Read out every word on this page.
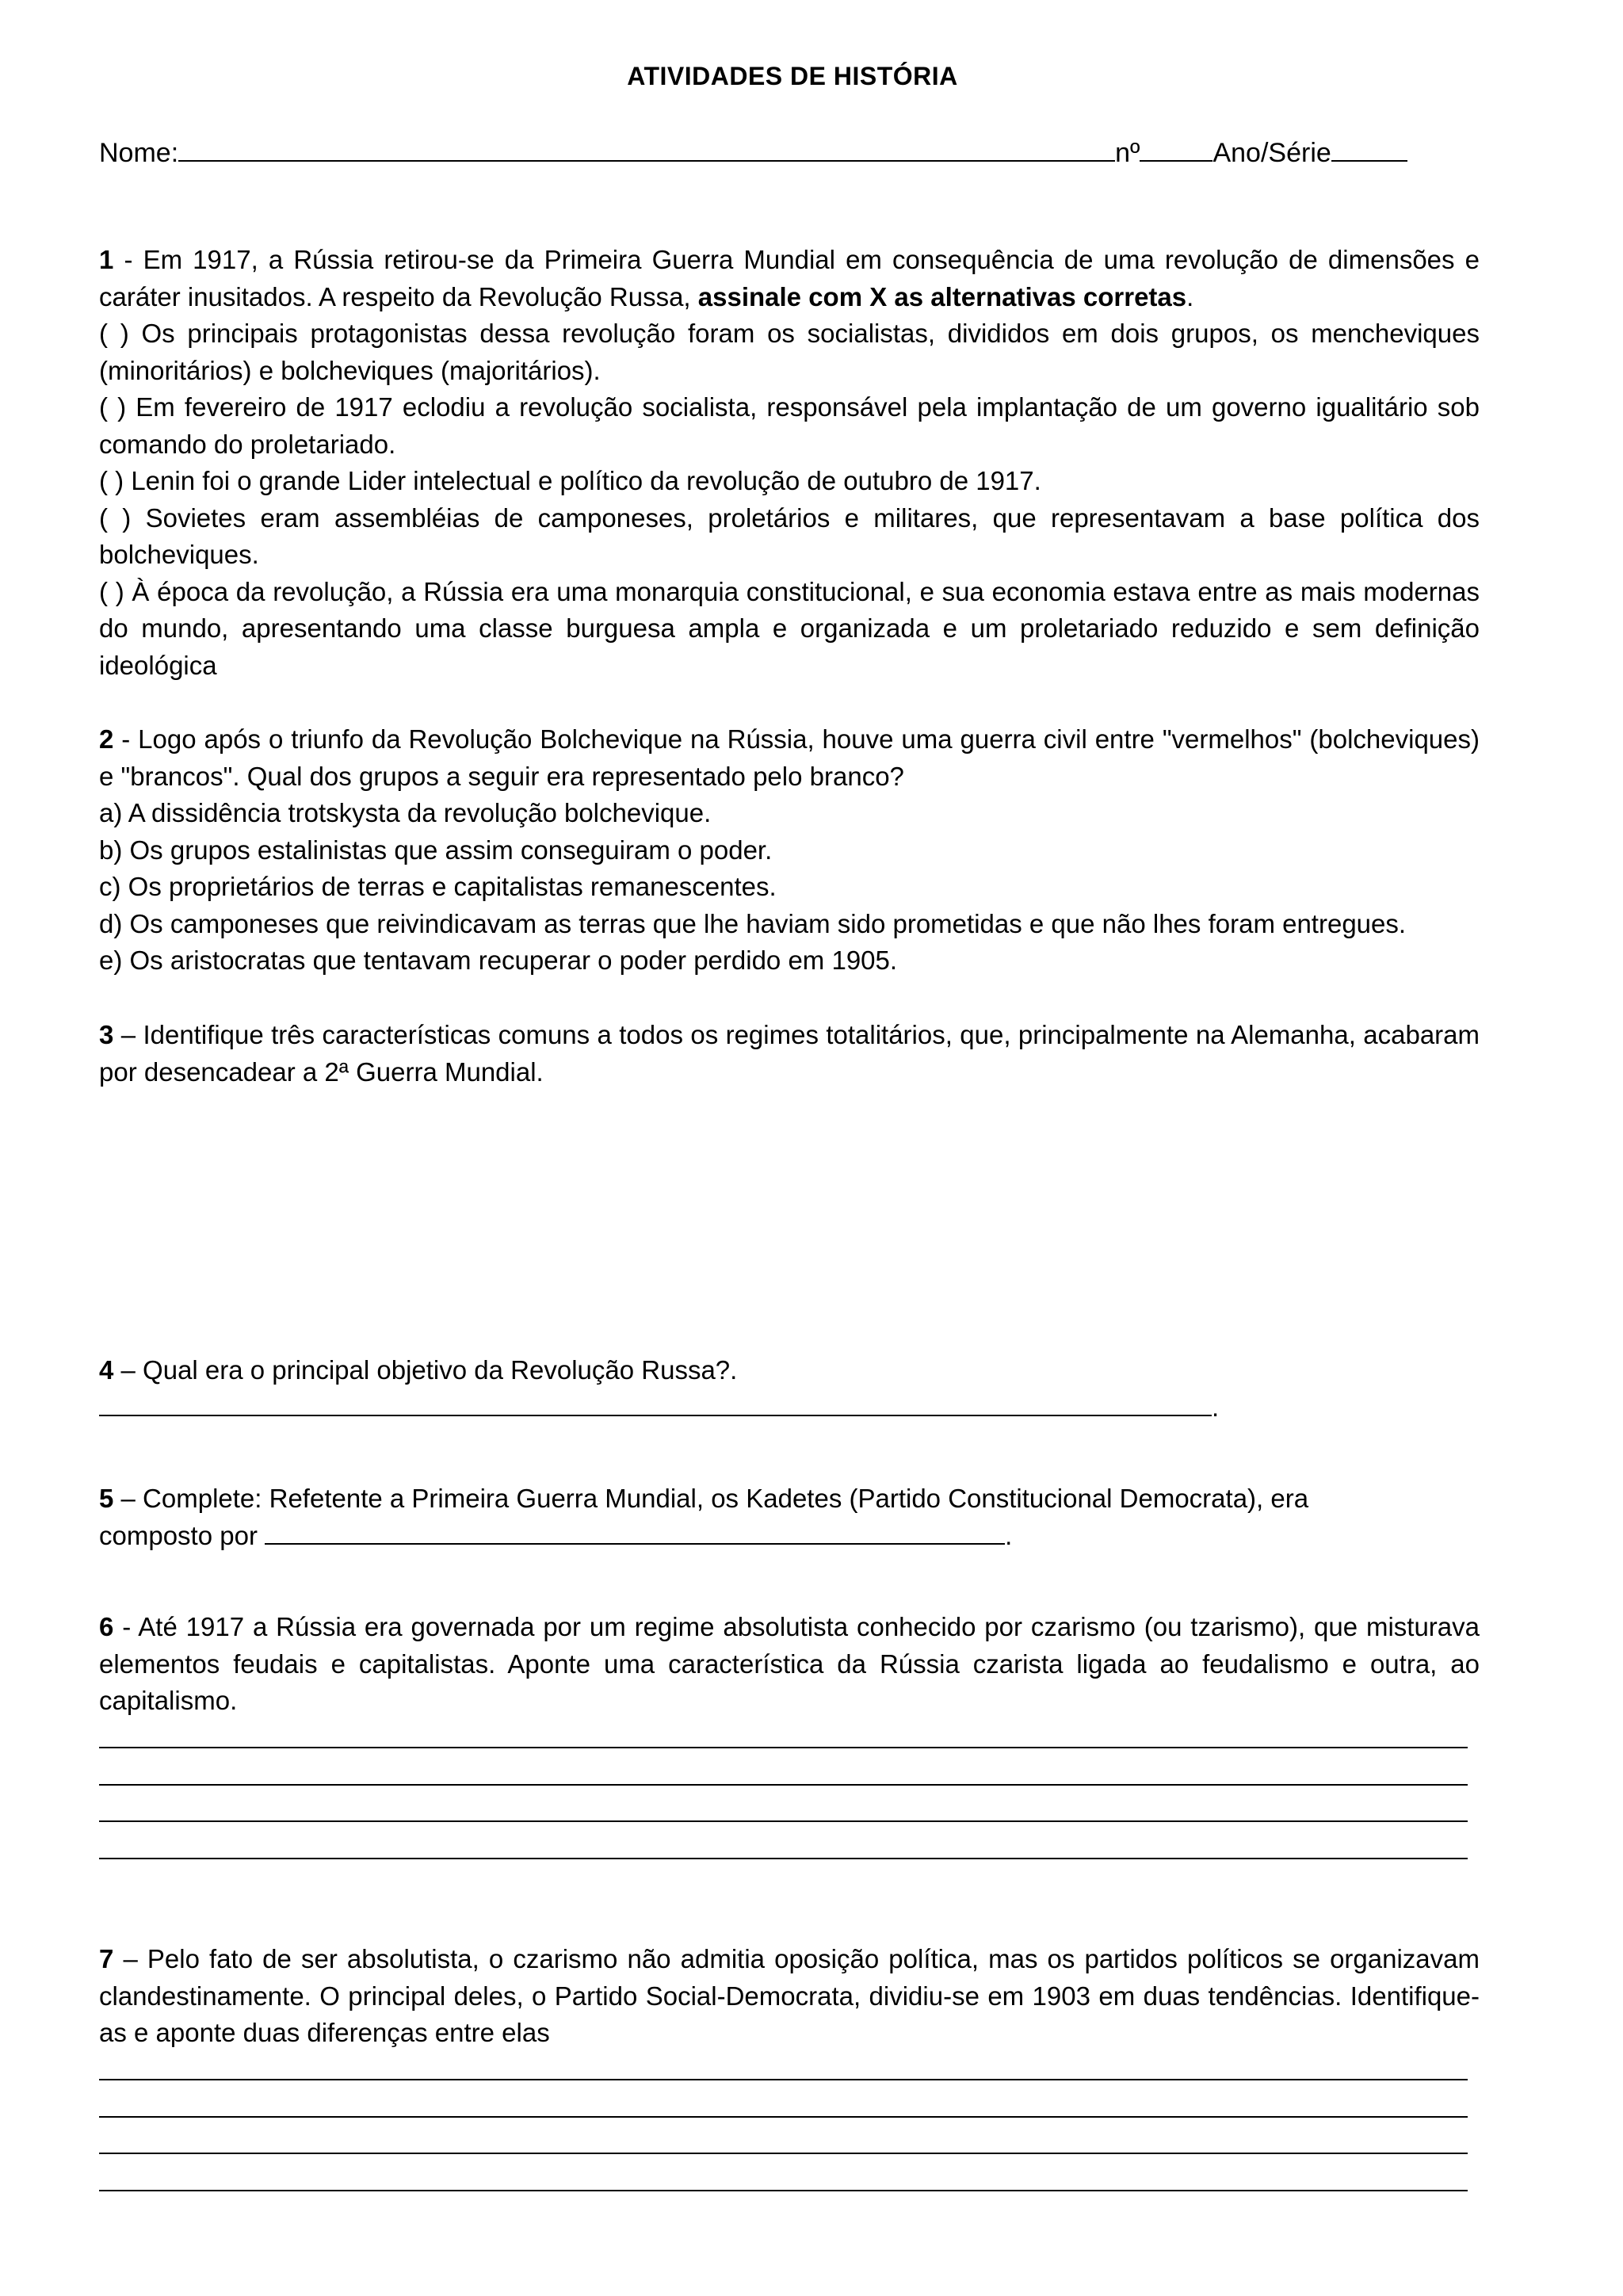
ATIVIDADES DE HISTÓRIA
Nome:	nº	Ano/Série

1 - Em 1917, a Rússia retirou-se da Primeira Guerra Mundial em consequência de uma revolução de dimensões e caráter inusitados. A respeito da Revolução Russa, assinale com X as alternativas corretas.

( ) Os principais protagonistas dessa revolução foram os socialistas, divididos em dois grupos, os mencheviques (minoritários) e bolcheviques (majoritários).

( ) Em fevereiro de 1917 eclodiu a revolução socialista, responsável pela implantação de um governo igualitário sob comando do proletariado.

( ) Lenin foi o grande Lider intelectual e político da revolução de outubro de 1917.

( ) Sovietes eram assembléias de camponeses, proletários e militares, que representavam a base política dos bolcheviques.

( ) À época da revolução, a Rússia era uma monarquia constitucional, e sua economia estava entre as mais modernas do mundo, apresentando uma classe burguesa ampla e organizada e um proletariado reduzido e sem definição ideológica

2 - Logo após o triunfo da Revolução Bolchevique na Rússia, houve uma guerra civil entre "vermelhos" (bolcheviques) e "brancos". Qual dos grupos a seguir era representado pelo branco?

a) A dissidência trotskysta da revolução bolchevique.

b) Os grupos estalinistas que assim conseguiram o poder.

c) Os proprietários de terras e capitalistas remanescentes.

d) Os camponeses que reivindicavam as terras que lhe haviam sido prometidas e que não lhes foram entregues.

e) Os aristocratas que tentavam recuperar o poder perdido em 1905.

3 – Identifique três características comuns a todos os regimes totalitários, que, principalmente na Alemanha, acabaram por desencadear a 2ª Guerra Mundial.

4 – Qual era o principal objetivo da Revolução Russa?.

.

5 – Complete: Refetente a Primeira Guerra Mundial, os Kadetes (Partido Constitucional Democrata), era

composto por	.

6 - Até 1917 a Rússia era governada por um regime absolutista conhecido por czarismo (ou tzarismo), que misturava elementos feudais e capitalistas. Aponte uma característica da Rússia czarista ligada ao feudalismo e outra, ao capitalismo.

7 – Pelo fato de ser absolutista, o czarismo não admitia oposição política, mas os partidos políticos se organizavam clandestinamente. O principal deles, o Partido Social-Democrata, dividiu-se em 1903 em duas tendências. Identifique-as e aponte duas diferenças entre elas
